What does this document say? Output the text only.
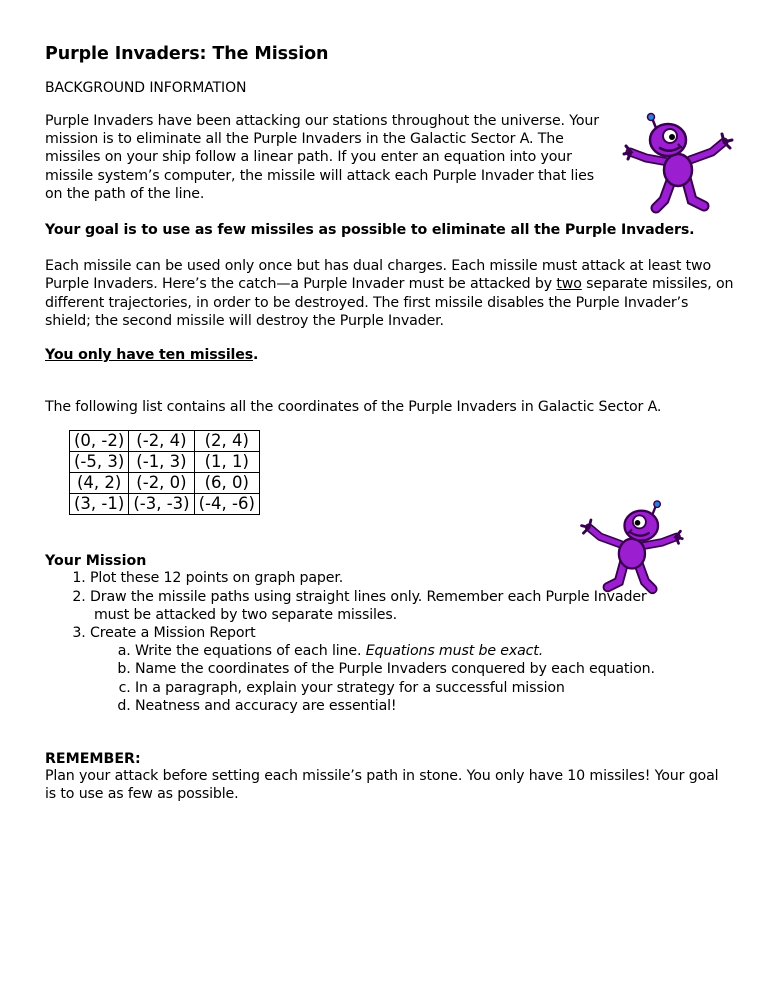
Purple Invaders: The Mission
BACKGROUND INFORMATION

Purple Invaders have been attacking our stations throughout the universe. Your mission is to eliminate all the Purple Invaders in the Galactic Sector A. The missiles on your ship follow a linear path. If you enter an equation into your missile system’s computer, the missile will attack each Purple Invader that lies on the path of the line.

Your goal is to use as few missiles as possible to eliminate all the Purple Invaders.

Each missile can be used only once but has dual charges. Each missile must attack at least two Purple Invaders. Here’s the catch—a Purple Invader must be attacked by two separate missiles, on different trajectories, in order to be destroyed. The first missile disables the Purple Invader’s shield; the second missile will destroy the Purple Invader.

You only have ten missiles.

The following list contains all the coordinates of the Purple Invaders in Galactic Sector A.

(0, -2)	(-2, 4)	(2, 4)
(-5, 3)	(-1, 3)	(1, 1)
(4, 2)	(-2, 0)	(6, 0)
(3, -1)	(-3, -3)	(-4, -6)
Your Mission
1. Plot these 12 points on graph paper.
2. Draw the missile paths using straight lines only. Remember each Purple Invader
must be attacked by two separate missiles.
3. Create a Mission Report
a. Write the equations of each line. Equations must be exact.
b. Name the coordinates of the Purple Invaders conquered by each equation.
c. In a paragraph, explain your strategy for a successful mission
d. Neatness and accuracy are essential!
REMEMBER:

Plan your attack before setting each missile’s path in stone. You only have 10 missiles! Your goal is to use as few as possible.
